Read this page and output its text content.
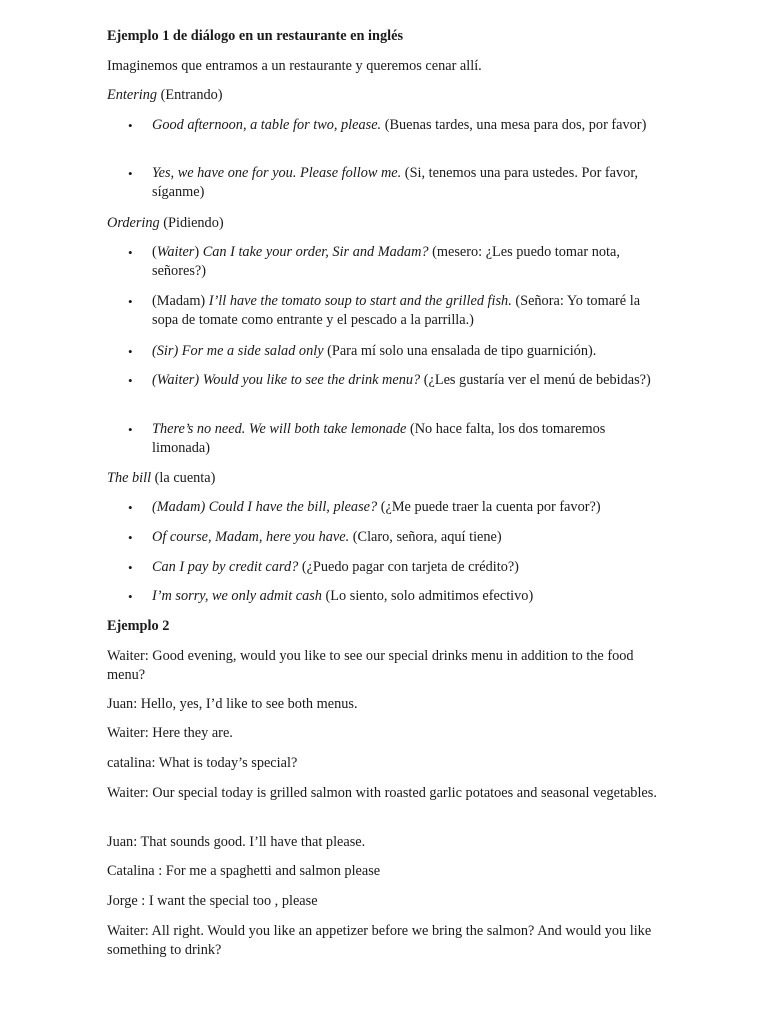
Ejemplo 1 de diálogo en un restaurante en inglés
Imaginemos que entramos a un restaurante y queremos cenar allí.
Entering (Entrando)
• Good afternoon, a table for two, please. (Buenas tardes, una mesa para dos, por favor)
• Yes, we have one for you. Please follow me. (Si, tenemos una para ustedes. Por favor, síganme)
Ordering (Pidiendo)
• (Waiter) Can I take your order, Sir and Madam? (mesero: ¿Les puedo tomar nota, señores?)
• (Madam) I’ll have the tomato soup to start and the grilled fish. (Señora: Yo tomaré la sopa de tomate como entrante y el pescado a la parrilla.)
• (Sir) For me a side salad only (Para mí solo una ensalada de tipo guarnición).
• (Waiter) Would you like to see the drink menu? (¿Les gustaría ver el menú de bebidas?)
• There’s no need. We will both take lemonade (No hace falta, los dos tomaremos limonada)
The bill (la cuenta)
• (Madam) Could I have the bill, please? (¿Me puede traer la cuenta por favor?)
• Of course, Madam, here you have. (Claro, señora, aquí tiene)
• Can I pay by credit card? (¿Puedo pagar con tarjeta de crédito?)
• I’m sorry, we only admit cash (Lo siento, solo admitimos efectivo)
Ejemplo 2
Waiter: Good evening, would you like to see our special drinks menu in addition to the food menu?
Juan: Hello, yes, I’d like to see both menus.
Waiter: Here they are.
catalina: What is today’s special?
Waiter: Our special today is grilled salmon with roasted garlic potatoes and seasonal vegetables.
Juan: That sounds good. I’ll have that please.
Catalina : For me a spaghetti and salmon please
Jorge : I want the special too , please
Waiter: All right. Would you like an appetizer before we bring the salmon? And would you like something to drink?
